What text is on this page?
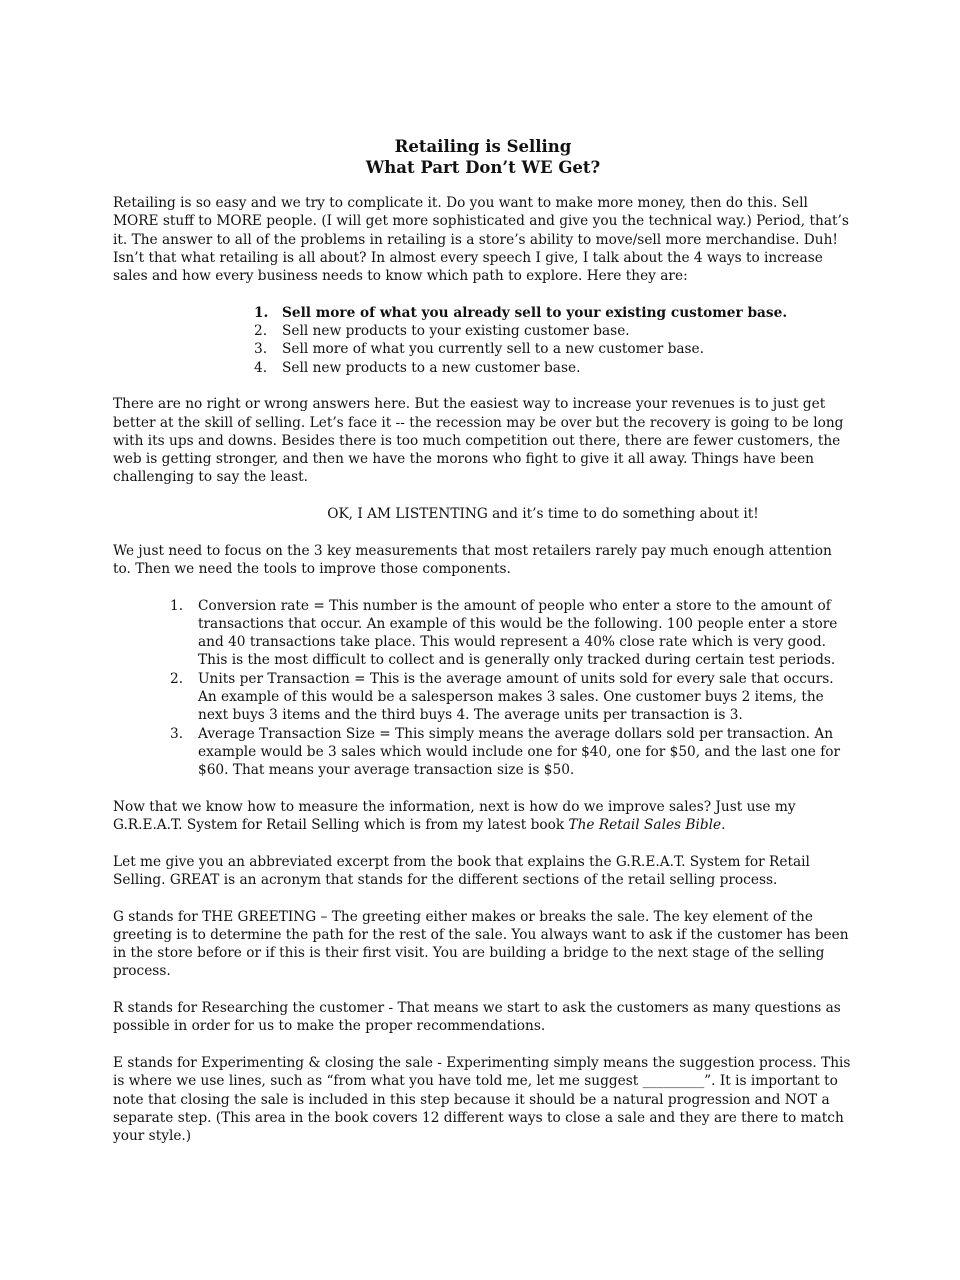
Retailing is Selling
What Part Don’t WE Get?

Retailing is so easy and we try to complicate it. Do you want to make more money, then do this. Sell MORE stuff to MORE people. (I will get more sophisticated and give you the technical way.) Period, that’s it. The answer to all of the problems in retailing is a store’s ability to move/sell more merchandise. Duh! Isn’t that what retailing is all about? In almost every speech I give, I talk about the 4 ways to increase sales and how every business needs to know which path to explore. Here they are:

1. Sell more of what you already sell to your existing customer base.
2. Sell new products to your existing customer base.
3. Sell more of what you currently sell to a new customer base.
4. Sell new products to a new customer base.

There are no right or wrong answers here. But the easiest way to increase your revenues is to just get better at the skill of selling. Let’s face it -- the recession may be over but the recovery is going to be long with its ups and downs. Besides there is too much competition out there, there are fewer customers, the web is getting stronger, and then we have the morons who fight to give it all away. Things have been challenging to say the least.

OK, I AM LISTENTING and it’s time to do something about it!

We just need to focus on the 3 key measurements that most retailers rarely pay much enough attention to. Then we need the tools to improve those components.

1. Conversion rate = This number is the amount of people who enter a store to the amount of transactions that occur. An example of this would be the following. 100 people enter a store and 40 transactions take place. This would represent a 40% close rate which is very good. This is the most difficult to collect and is generally only tracked during certain test periods.
2. Units per Transaction = This is the average amount of units sold for every sale that occurs. An example of this would be a salesperson makes 3 sales. One customer buys 2 items, the next buys 3 items and the third buys 4. The average units per transaction is 3.
3. Average Transaction Size = This simply means the average dollars sold per transaction. An example would be 3 sales which would include one for $40, one for $50, and the last one for $60. That means your average transaction size is $50.

Now that we know how to measure the information, next is how do we improve sales? Just use my G.R.E.A.T. System for Retail Selling which is from my latest book The Retail Sales Bible.

Let me give you an abbreviated excerpt from the book that explains the G.R.E.A.T. System for Retail Selling. GREAT is an acronym that stands for the different sections of the retail selling process.

G stands for THE GREETING – The greeting either makes or breaks the sale. The key element of the greeting is to determine the path for the rest of the sale. You always want to ask if the customer has been in the store before or if this is their first visit. You are building a bridge to the next stage of the selling process.

R stands for Researching the customer - That means we start to ask the customers as many questions as possible in order for us to make the proper recommendations.

E stands for Experimenting & closing the sale - Experimenting simply means the suggestion process. This is where we use lines, such as “from what you have told me, let me suggest _________”. It is important to note that closing the sale is included in this step because it should be a natural progression and NOT a separate step. (This area in the book covers 12 different ways to close a sale and they are there to match your style.)
